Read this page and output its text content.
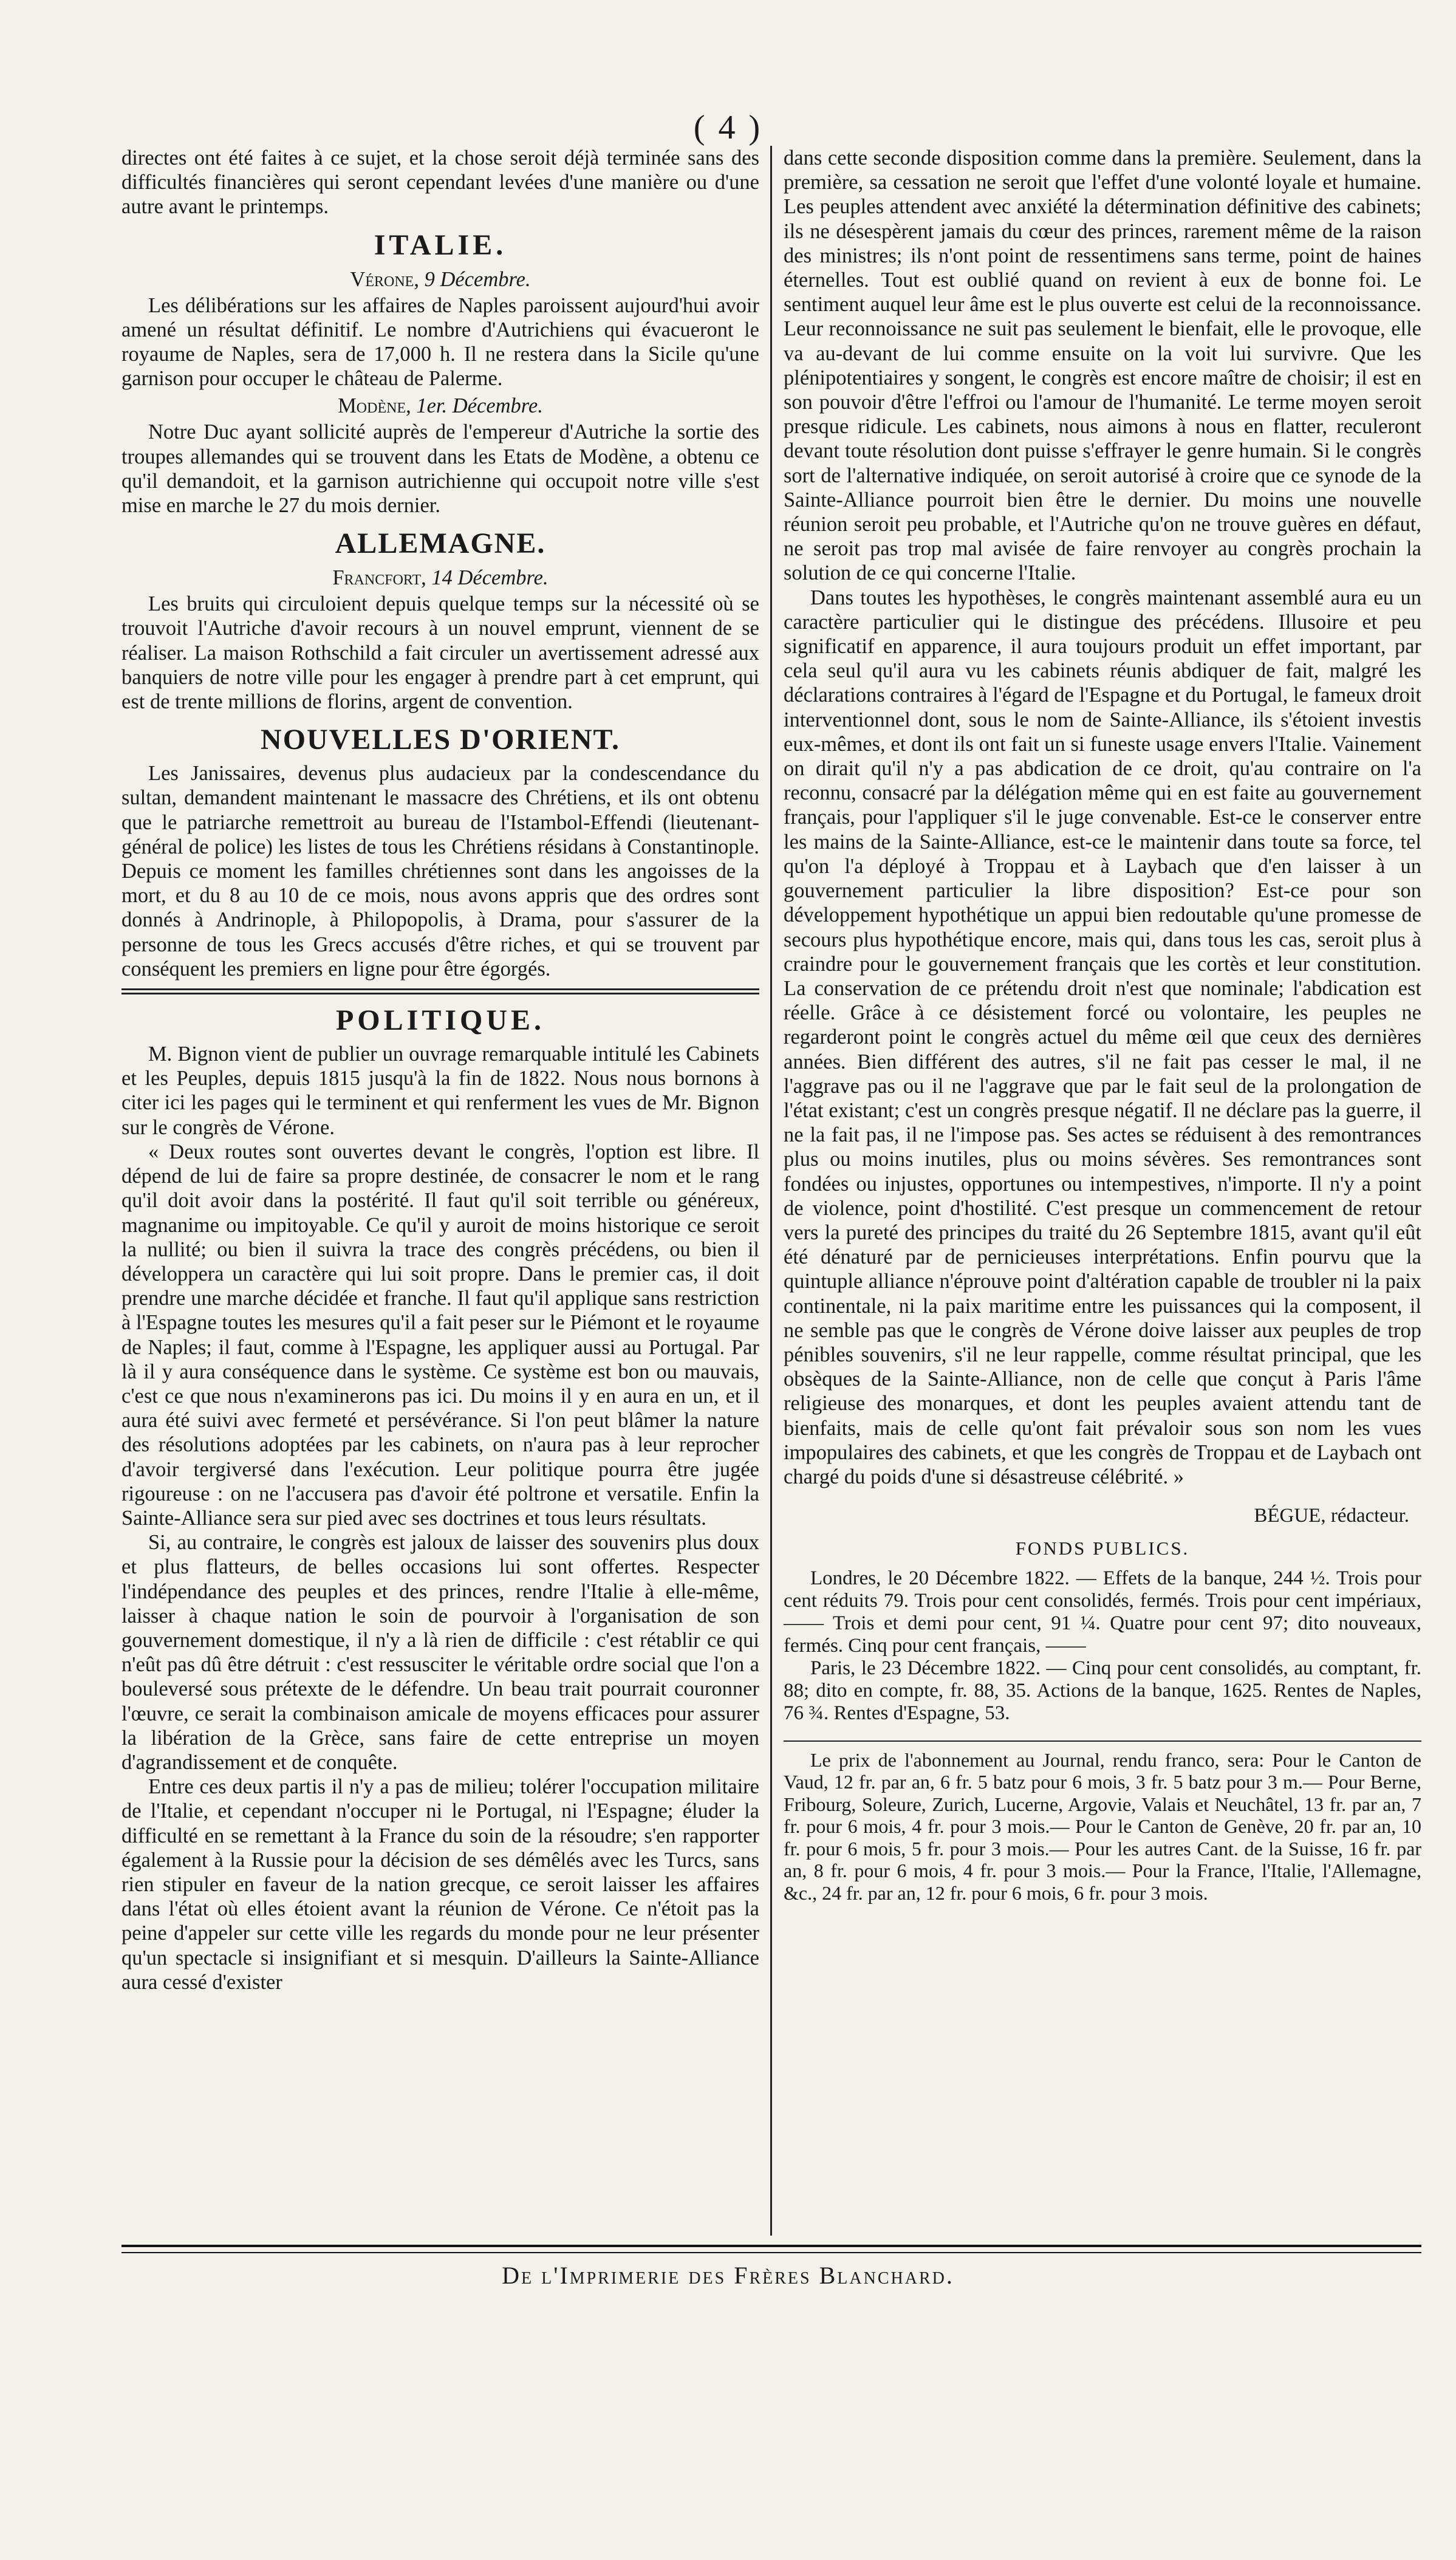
( 4 )

directes ont été faites à ce sujet, et la chose seroit déjà terminée sans des difficultés financières qui seront cependant levées d'une manière ou d'une autre avant le printemps.

ITALIE.
Vérone, 9 Décembre.

Les délibérations sur les affaires de Naples paroissent aujourd'hui avoir amené un résultat définitif. Le nombre d'Autrichiens qui évacueront le royaume de Naples, sera de 17,000 h. Il ne restera dans la Sicile qu'une garnison pour occuper le château de Palerme.

Modène, 1er. Décembre.

Notre Duc ayant sollicité auprès de l'empereur d'Autriche la sortie des troupes allemandes qui se trouvent dans les Etats de Modène, a obtenu ce qu'il demandoit, et la garnison autrichienne qui occupoit notre ville s'est mise en marche le 27 du mois dernier.

ALLEMAGNE.
Francfort, 14 Décembre.

Les bruits qui circuloient depuis quelque temps sur la nécessité où se trouvoit l'Autriche d'avoir recours à un nouvel emprunt, viennent de se réaliser. La maison Rothschild a fait circuler un avertissement adressé aux banquiers de notre ville pour les engager à prendre part à cet emprunt, qui est de trente millions de florins, argent de convention.

NOUVELLES D'ORIENT.

Les Janissaires, devenus plus audacieux par la condescendance du sultan, demandent maintenant le massacre des Chrétiens, et ils ont obtenu que le patriarche remettroit au bureau de l'Istambol-Effendi (lieutenant-général de police) les listes de tous les Chrétiens résidans à Constantinople. Depuis ce moment les familles chrétiennes sont dans les angoisses de la mort, et du 8 au 10 de ce mois, nous avons appris que des ordres sont donnés à Andrinople, à Philopopolis, à Drama, pour s'assurer de la personne de tous les Grecs accusés d'être riches, et qui se trouvent par conséquent les premiers en ligne pour être égorgés.

POLITIQUE.

M. Bignon vient de publier un ouvrage remarquable intitulé les Cabinets et les Peuples, depuis 1815 jusqu'à la fin de 1822. Nous nous bornons à citer ici les pages qui le terminent et qui renferment les vues de Mr. Bignon sur le congrès de Vérone.

« Deux routes sont ouvertes devant le congrès, l'option est libre. Il dépend de lui de faire sa propre destinée, de consacrer le nom et le rang qu'il doit avoir dans la postérité. Il faut qu'il soit terrible ou généreux, magnanime ou impitoyable. Ce qu'il y auroit de moins historique ce seroit la nullité; ou bien il suivra la trace des congrès précédens, ou bien il développera un caractère qui lui soit propre. Dans le premier cas, il doit prendre une marche décidée et franche. Il faut qu'il applique sans restriction à l'Espagne toutes les mesures qu'il a fait peser sur le Piémont et le royaume de Naples; il faut, comme à l'Espagne, les appliquer aussi au Portugal. Par là il y aura conséquence dans le système. Ce système est bon ou mauvais, c'est ce que nous n'examinerons pas ici. Du moins il y en aura en un, et il aura été suivi avec fermeté et persévérance. Si l'on peut blâmer la nature des résolutions adoptées par les cabinets, on n'aura pas à leur reprocher d'avoir tergiversé dans l'exécution. Leur politique pourra être jugée rigoureuse : on ne l'accusera pas d'avoir été poltrone et versatile. Enfin la Sainte-Alliance sera sur pied avec ses doctrines et tous leurs résultats.

Si, au contraire, le congrès est jaloux de laisser des souvenirs plus doux et plus flatteurs, de belles occasions lui sont offertes. Respecter l'indépendance des peuples et des princes, rendre l'Italie à elle-même, laisser à chaque nation le soin de pourvoir à l'organisation de son gouvernement domestique, il n'y a là rien de difficile : c'est rétablir ce qui n'eût pas dû être détruit : c'est ressusciter le véritable ordre social que l'on a bouleversé sous prétexte de le défendre. Un beau trait pourrait couronner l'œuvre, ce serait la combinaison amicale de moyens efficaces pour assurer la libération de la Grèce, sans faire de cette entreprise un moyen d'agrandissement et de conquête.

Entre ces deux partis il n'y a pas de milieu; tolérer l'occupation militaire de l'Italie, et cependant n'occuper ni le Portugal, ni l'Espagne; éluder la difficulté en se remettant à la France du soin de la résoudre; s'en rapporter également à la Russie pour la décision de ses démêlés avec les Turcs, sans rien stipuler en faveur de la nation grecque, ce seroit laisser les affaires dans l'état où elles étoient avant la réunion de Vérone. Ce n'étoit pas la peine d'appeler sur cette ville les regards du monde pour ne leur présenter qu'un spectacle si insignifiant et si mesquin. D'ailleurs la Sainte-Alliance aura cessé d'exister

dans cette seconde disposition comme dans la première. Seulement, dans la première, sa cessation ne seroit que l'effet d'une volonté loyale et humaine. Les peuples attendent avec anxiété la détermination définitive des cabinets; ils ne désespèrent jamais du cœur des princes, rarement même de la raison des ministres; ils n'ont point de ressentimens sans terme, point de haines éternelles. Tout est oublié quand on revient à eux de bonne foi. Le sentiment auquel leur âme est le plus ouverte est celui de la reconnoissance. Leur reconnoissance ne suit pas seulement le bienfait, elle le provoque, elle va au-devant de lui comme ensuite on la voit lui survivre. Que les plénipotentiaires y songent, le congrès est encore maître de choisir; il est en son pouvoir d'être l'effroi ou l'amour de l'humanité. Le terme moyen seroit presque ridicule. Les cabinets, nous aimons à nous en flatter, reculeront devant toute résolution dont puisse s'effrayer le genre humain. Si le congrès sort de l'alternative indiquée, on seroit autorisé à croire que ce synode de la Sainte-Alliance pourroit bien être le dernier. Du moins une nouvelle réunion seroit peu probable, et l'Autriche qu'on ne trouve guères en défaut, ne seroit pas trop mal avisée de faire renvoyer au congrès prochain la solution de ce qui concerne l'Italie.

Dans toutes les hypothèses, le congrès maintenant assemblé aura eu un caractère particulier qui le distingue des précédens. Illusoire et peu significatif en apparence, il aura toujours produit un effet important, par cela seul qu'il aura vu les cabinets réunis abdiquer de fait, malgré les déclarations contraires à l'égard de l'Espagne et du Portugal, le fameux droit interventionnel dont, sous le nom de Sainte-Alliance, ils s'étoient investis eux-mêmes, et dont ils ont fait un si funeste usage envers l'Italie. Vainement on dirait qu'il n'y a pas abdication de ce droit, qu'au contraire on l'a reconnu, consacré par la délégation même qui en est faite au gouvernement français, pour l'appliquer s'il le juge convenable. Est-ce le conserver entre les mains de la Sainte-Alliance, est-ce le maintenir dans toute sa force, tel qu'on l'a déployé à Troppau et à Laybach que d'en laisser à un gouvernement particulier la libre disposition? Est-ce pour son développement hypothétique un appui bien redoutable qu'une promesse de secours plus hypothétique encore, mais qui, dans tous les cas, seroit plus à craindre pour le gouvernement français que les cortès et leur constitution. La conservation de ce prétendu droit n'est que nominale; l'abdication est réelle. Grâce à ce désistement forcé ou volontaire, les peuples ne regarderont point le congrès actuel du même œil que ceux des dernières années. Bien différent des autres, s'il ne fait pas cesser le mal, il ne l'aggrave pas ou il ne l'aggrave que par le fait seul de la prolongation de l'état existant; c'est un congrès presque négatif. Il ne déclare pas la guerre, il ne la fait pas, il ne l'impose pas. Ses actes se réduisent à des remontrances plus ou moins inutiles, plus ou moins sévères. Ses remontrances sont fondées ou injustes, opportunes ou intempestives, n'importe. Il n'y a point de violence, point d'hostilité. C'est presque un commencement de retour vers la pureté des principes du traité du 26 Septembre 1815, avant qu'il eût été dénaturé par de pernicieuses interprétations. Enfin pourvu que la quintuple alliance n'éprouve point d'altération capable de troubler ni la paix continentale, ni la paix maritime entre les puissances qui la composent, il ne semble pas que le congrès de Vérone doive laisser aux peuples de trop pénibles souvenirs, s'il ne leur rappelle, comme résultat principal, que les obsèques de la Sainte-Alliance, non de celle que conçut à Paris l'âme religieuse des monarques, et dont les peuples avaient attendu tant de bienfaits, mais de celle qu'ont fait prévaloir sous son nom les vues impopulaires des cabinets, et que les congrès de Troppau et de Laybach ont chargé du poids d'une si désastreuse célébrité. »

BÉGUE, rédacteur.
FONDS PUBLICS.

Londres, le 20 Décembre 1822. — Effets de la banque, 244 ½. Trois pour cent réduits 79. Trois pour cent consolidés, fermés. Trois pour cent impériaux, —— Trois et demi pour cent, 91 ¼. Quatre pour cent 97; dito nouveaux, fermés. Cinq pour cent français, ——

Paris, le 23 Décembre 1822. — Cinq pour cent consolidés, au comptant, fr. 88; dito en compte, fr. 88, 35. Actions de la banque, 1625. Rentes de Naples, 76 ¾. Rentes d'Espagne, 53.

Le prix de l'abonnement au Journal, rendu franco, sera: Pour le Canton de Vaud, 12 fr. par an, 6 fr. 5 batz pour 6 mois, 3 fr. 5 batz pour 3 m.— Pour Berne, Fribourg, Soleure, Zurich, Lucerne, Argovie, Valais et Neuchâtel, 13 fr. par an, 7 fr. pour 6 mois, 4 fr. pour 3 mois.— Pour le Canton de Genève, 20 fr. par an, 10 fr. pour 6 mois, 5 fr. pour 3 mois.— Pour les autres Cant. de la Suisse, 16 fr. par an, 8 fr. pour 6 mois, 4 fr. pour 3 mois.— Pour la France, l'Italie, l'Allemagne, &c., 24 fr. par an, 12 fr. pour 6 mois, 6 fr. pour 3 mois.

De l'Imprimerie des Frères Blanchard.
